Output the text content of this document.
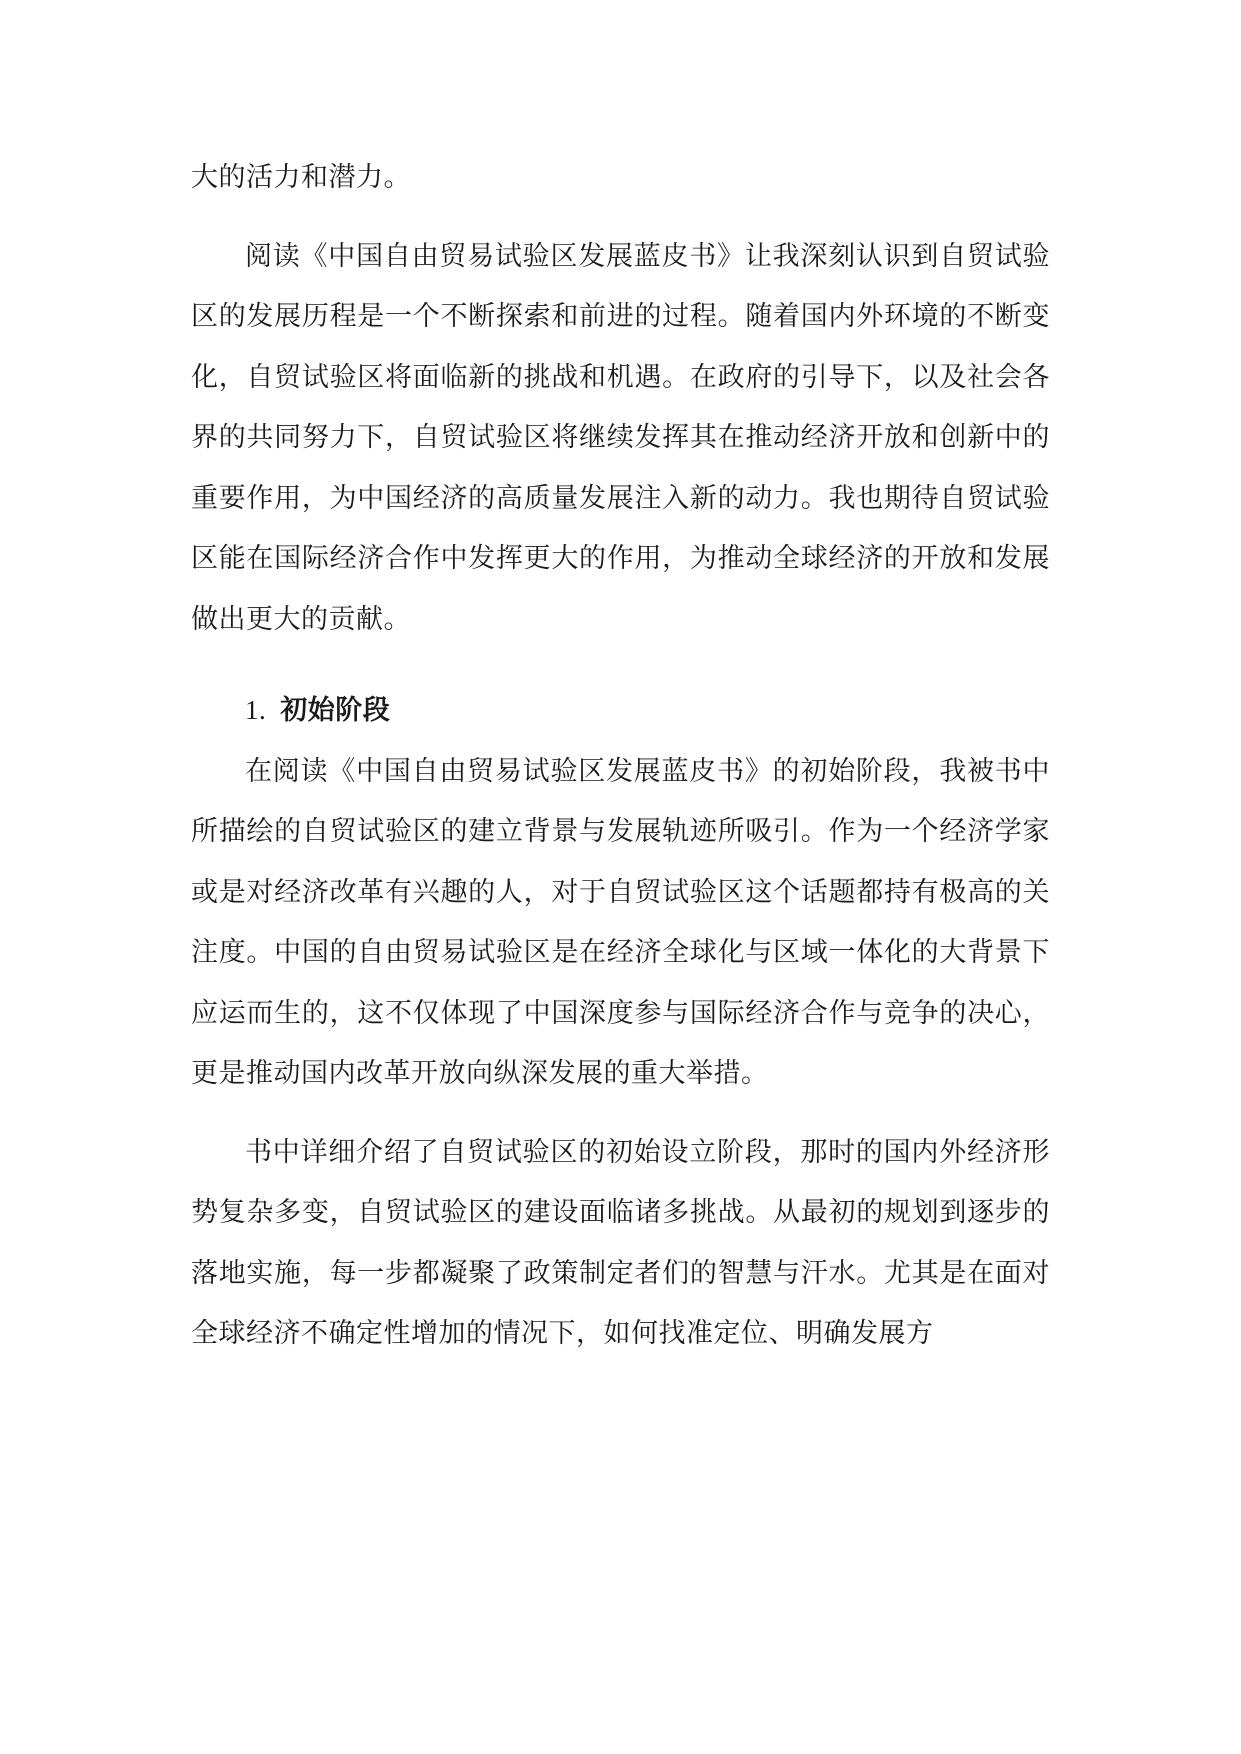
大的活力和潜力。

阅读《中国自由贸易试验区发展蓝皮书》让我深刻认识到自贸试验区的发展历程是一个不断探索和前进的过程。随着国内外环境的不断变化，自贸试验区将面临新的挑战和机遇。在政府的引导下，以及社会各界的共同努力下，自贸试验区将继续发挥其在推动经济开放和创新中的重要作用，为中国经济的高质量发展注入新的动力。我也期待自贸试验区能在国际经济合作中发挥更大的作用，为推动全球经济的开放和发展做出更大的贡献。

1. 初始阶段

在阅读《中国自由贸易试验区发展蓝皮书》的初始阶段，我被书中所描绘的自贸试验区的建立背景与发展轨迹所吸引。作为一个经济学家或是对经济改革有兴趣的人，对于自贸试验区这个话题都持有极高的关注度。中国的自由贸易试验区是在经济全球化与区域一体化的大背景下应运而生的，这不仅体现了中国深度参与国际经济合作与竞争的决心，更是推动国内改革开放向纵深发展的重大举措。

书中详细介绍了自贸试验区的初始设立阶段，那时的国内外经济形势复杂多变，自贸试验区的建设面临诸多挑战。从最初的规划到逐步的落地实施，每一步都凝聚了政策制定者们的智慧与汗水。尤其是在面对全球经济不确定性增加的情况下，如何找准定位、明确发展方
